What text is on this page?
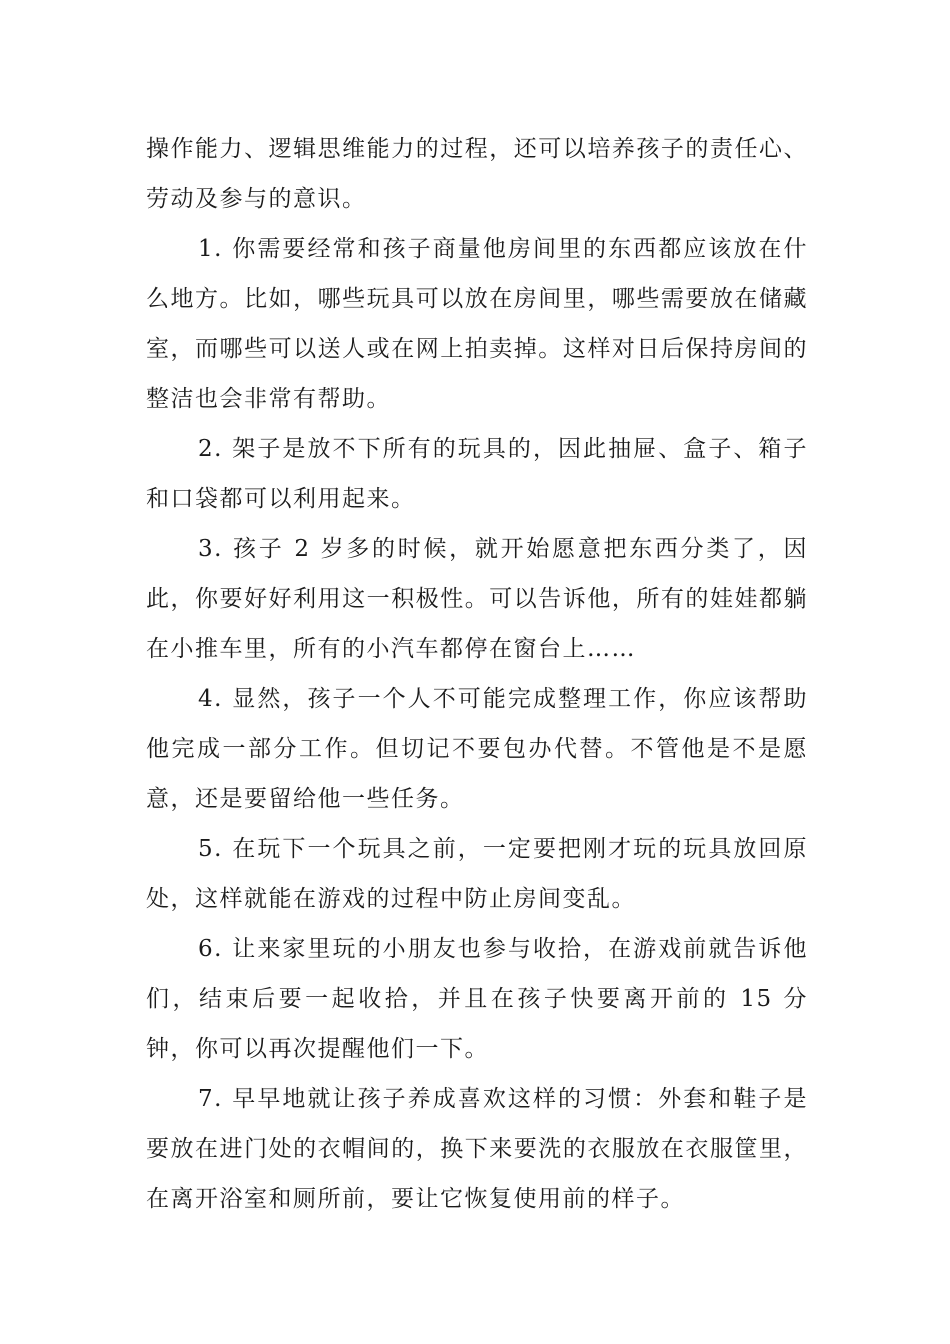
操作能力、逻辑思维能力的过程，还可以培养孩子的责任心、劳动及参与的意识。

1. 你需要经常和孩子商量他房间里的东西都应该放在什么地方。比如，哪些玩具可以放在房间里，哪些需要放在储藏室，而哪些可以送人或在网上拍卖掉。这样对日后保持房间的整洁也会非常有帮助。

2. 架子是放不下所有的玩具的，因此抽屉、盒子、箱子和口袋都可以利用起来。

3. 孩子 2 岁多的时候，就开始愿意把东西分类了，因此，你要好好利用这一积极性。可以告诉他，所有的娃娃都躺在小推车里，所有的小汽车都停在窗台上……

4. 显然，孩子一个人不可能完成整理工作，你应该帮助他完成一部分工作。但切记不要包办代替。不管他是不是愿意，还是要留给他一些任务。

5. 在玩下一个玩具之前，一定要把刚才玩的玩具放回原处，这样就能在游戏的过程中防止房间变乱。

6. 让来家里玩的小朋友也参与收拾，在游戏前就告诉他们，结束后要一起收拾，并且在孩子快要离开前的 15 分钟，你可以再次提醒他们一下。

7. 早早地就让孩子养成喜欢这样的习惯：外套和鞋子是要放在进门处的衣帽间的，换下来要洗的衣服放在衣服筐里，在离开浴室和厕所前，要让它恢复使用前的样子。
